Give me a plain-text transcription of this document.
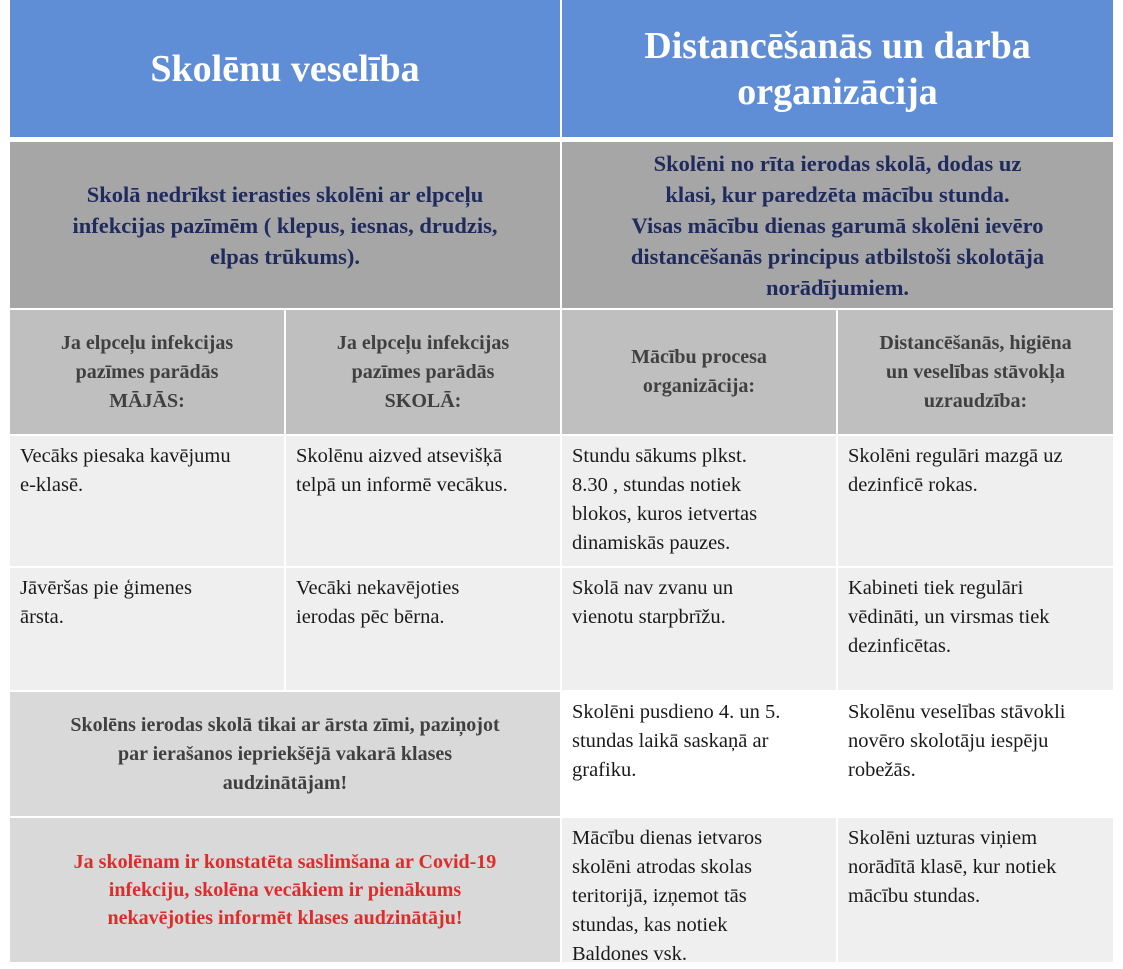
Skolēnu veselība
Distancēšanās un darba
organizācija
Skolā nedrīkst ierasties skolēni ar elpceļu
infekcijas pazīmēm ( klepus, iesnas, drudzis,
elpas trūkums).
Skolēni no rīta ierodas skolā, dodas uz
klasi, kur paredzēta mācību stunda.
Visas mācību dienas garumā skolēni ievēro
distancēšanās principus atbilstoši skolotāja
norādījumiem.
Ja elpceļu infekcijas
pazīmes parādās
MĀJĀS:
Ja elpceļu infekcijas
pazīmes parādās
SKOLĀ:
Mācību procesa
organizācija:
Distancēšanās, higiēna
un veselības stāvokļa
uzraudzība:
Vecāks piesaka kavējumu
e-klasē.
Skolēnu aizved atsevišķā
telpā un informē vecākus.
Stundu sākums plkst.
8.30 , stundas notiek
blokos, kuros ietvertas
dinamiskās pauzes.
Skolēni regulāri mazgā uz
dezinficē rokas.
Jāvēršas pie ģimenes
ārsta.
Vecāki nekavējoties
ierodas pēc bērna.
Skolā nav zvanu un
vienotu starpbrīžu.
Kabineti tiek regulāri
vēdināti, un virsmas tiek
dezinficētas.
Skolēns ierodas skolā tikai ar ārsta zīmi, paziņojot
par ierašanos iepriekšējā vakarā klases
audzinātājam!
Skolēni pusdieno 4. un 5.
stundas laikā saskaņā ar
grafiku.
Skolēnu veselības stāvokli
novēro skolotāju iespēju
robežās.
Ja skolēnam ir konstatēta saslimšana ar Covid-19
infekciju, skolēna vecākiem ir pienākums
nekavējoties informēt klases audzinātāju!
Mācību dienas ietvaros
skolēni atrodas skolas
teritorijā, izņemot tās
stundas, kas notiek
Baldones vsk.
Skolēni uzturas viņiem
norādītā klasē, kur notiek
mācību stundas.
